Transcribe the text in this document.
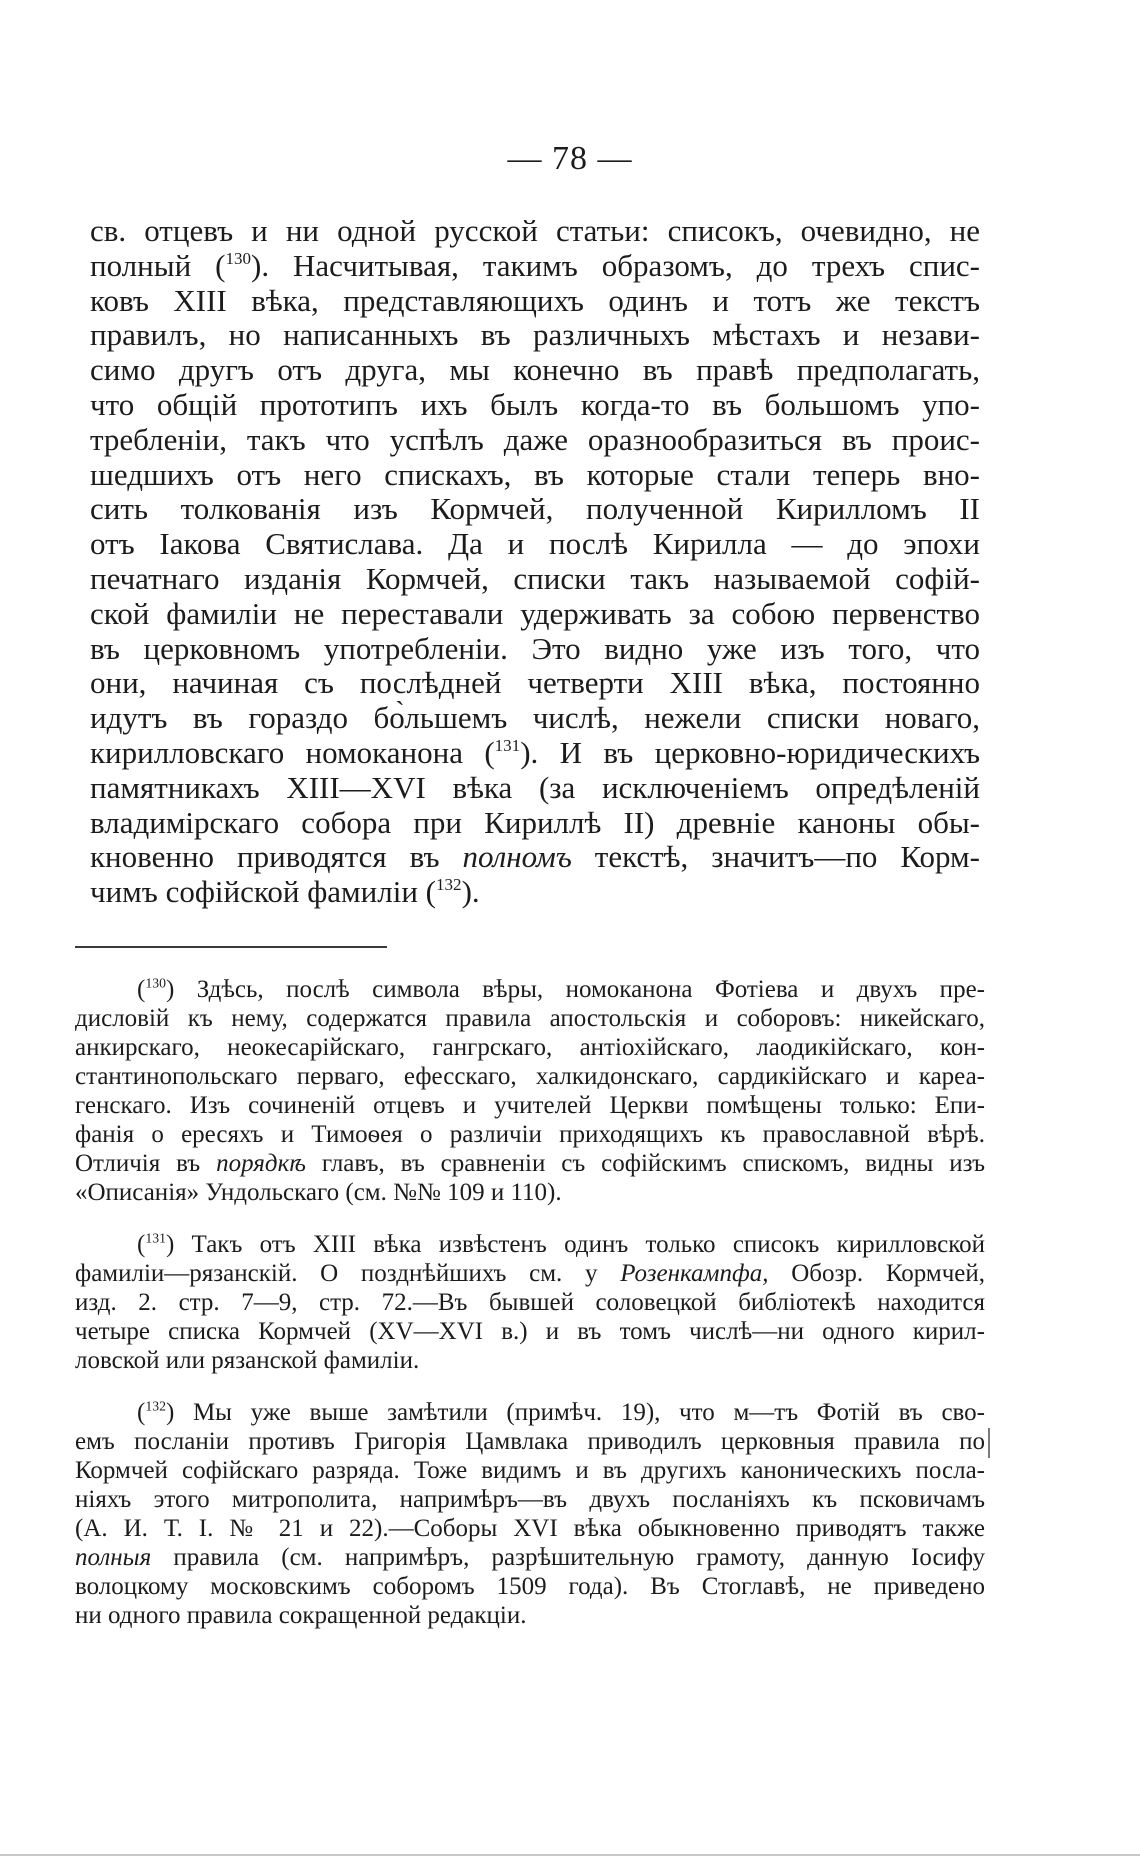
— 78 —
св. отцевъ и ни одной русской статьи: списокъ, очевидно, не
полный ($^{130}$). Насчитывая, такимъ образомъ, до трехъ спис-
ковъ XIII вѣка, представляющихъ одинъ и тотъ же текстъ
правилъ, но написанныхъ въ различныхъ мѣстахъ и незави-
симо другъ отъ друга, мы конечно въ правѣ предполагать,
что общій прототипъ ихъ былъ когда-то въ большомъ упо-
требленіи, такъ что успѣлъ даже оразнообразиться въ проис-
шедшихъ отъ него спискахъ, въ которые стали теперь вно-
сить толкованія изъ Кормчей, полученной Кирилломъ II
отъ Іакова Святислава. Да и послѣ Кирилла — до эпохи
печатнаго изданія Кормчей, списки такъ называемой софій-
ской фамиліи не переставали удерживать за собою первенство
въ церковномъ употребленіи. Это видно уже изъ того, что
они, начиная съ послѣдней четверти XIII вѣка, постоянно
идутъ въ гораздо бо̀льшемъ числѣ, нежели списки новаго,
кирилловскаго номоканона ($^{131}$). И въ церковно-юридическихъ
памятникахъ XIII—XVI вѣка (за исключеніемъ опредѣленій
владимірскаго собора при Кириллѣ II) древніе каноны обы-
кновенно приводятся въ полномъ текстѣ, значитъ—по Корм-
чимъ софійской фамиліи ($^{132}$).
($^{130}$) Здѣсь, послѣ символа вѣры, номоканона Фотіева и двухъ пре-
дисловій къ нему, содержатся правила апостольскія и соборовъ: никейскаго,
анкирскаго, неокесарійскаго, гангрскаго, антіохійскаго, лаодикійскаго, кон-
стантинопольскаго перваго, ефесскаго, халкидонскаго, сардикійскаго и кареа-
генскаго. Изъ сочиненій отцевъ и учителей Церкви помѣщены только: Епи-
фанія о ересяхъ и Тимоѳея о различіи приходящихъ къ православной вѣрѣ.
Отличія въ порядкѣ главъ, въ сравненіи съ софійскимъ спискомъ, видны изъ
«Описанія» Ундольскаго (см. №№ 109 и 110).
($^{131}$) Такъ отъ XIII вѣка извѣстенъ одинъ только списокъ кирилловской
фамиліи—рязанскій. О позднѣйшихъ см. у Розенкампфа, Обозр. Кормчей,
изд. 2. стр. 7—9, стр. 72.—Въ бывшей соловецкой библіотекѣ находится
четыре списка Кормчей (XV—XVI в.) и въ томъ числѣ—ни одного кирил-
ловской или рязанской фамиліи.
($^{132}$) Мы уже выше замѣтили (примѣч. 19), что м—тъ Фотій въ сво-
емъ посланіи противъ Григорія Цамвлака приводилъ церковныя правила по
Кормчей софійскаго разряда. Тоже видимъ и въ другихъ каноническихъ посла-
ніяхъ этого митрополита, напримѣръ—въ двухъ посланіяхъ къ псковичамъ
(А. И. Т. I. № 21 и 22).—Соборы XVI вѣка обыкновенно приводятъ также
полныя правила (см. напримѣръ, разрѣшительную грамоту, данную Іосифу
волоцкому московскимъ соборомъ 1509 года). Въ Стоглавѣ, не приведено
ни одного правила сокращенной редакціи.
